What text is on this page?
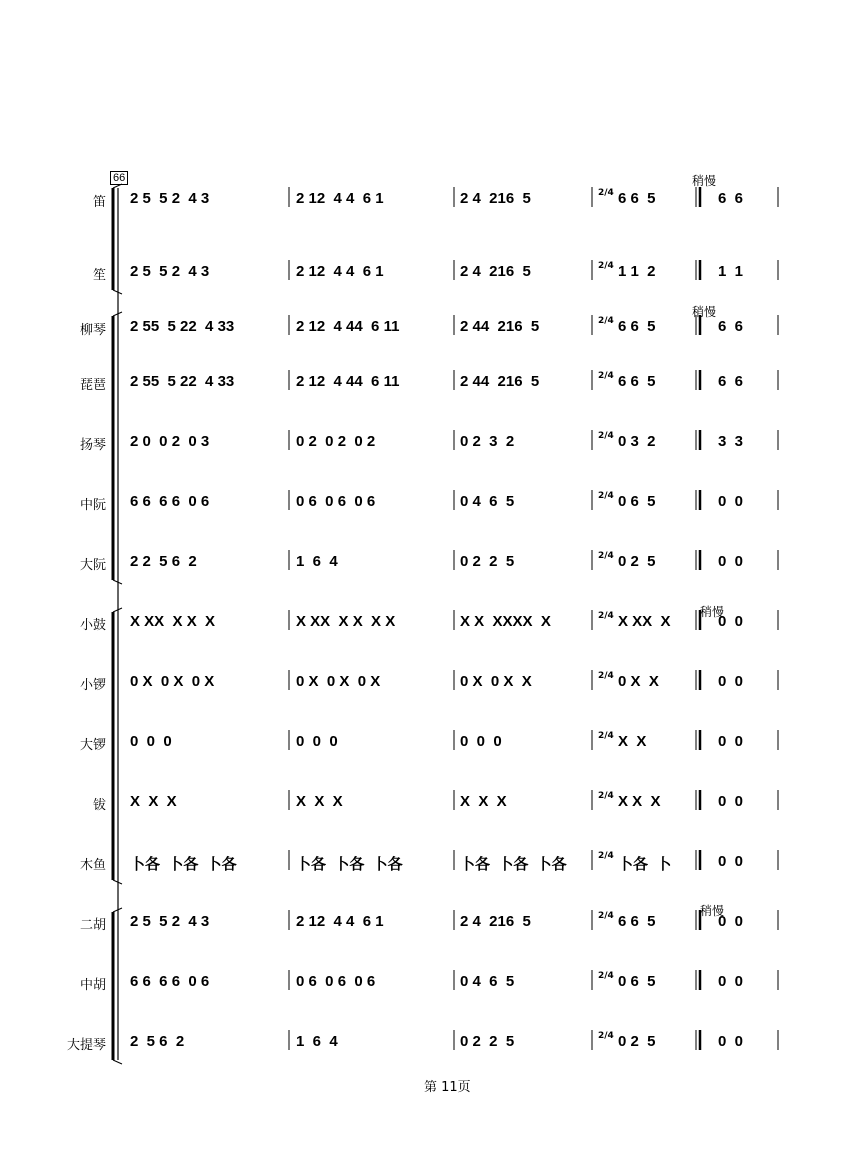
66	稍慢
稍慢
稍慢
稍慢
笛 2 5  5 2  4 3	2 12  4 4  6 1	2 4  216  5	6 6  5	6  6
2/4
笙 2 5  5 2  4 3	2 12  4 4  6 1	2 4  216  5	1 1  2	1  1
2/4
柳琴 2 55  5 22  4 33	2 12  4 44  6 11	2 44  216  5	6 6  5	6  6
2/4
琵琶 2 55  5 22  4 33	2 12  4 44  6 11	2 44  216  5	6 6  5	6  6
2/4
扬琴 2 0  0 2  0 3	0 2  0 2  0 2	0 2  3  2	0 3  2	3  3
2/4
中阮 6 6  6 6  0 6	0 6  0 6  0 6	0 4  6  5	0 6  5	0  0
2/4
大阮 2 2  5 6  2	1  6  4	0 2  2  5	0 2  5	0  0
2/4
小鼓 X XX  X X  X	X XX  X X  X X	X X  XXXX  X	X XX  X	0  0
2/4
小锣 0 X  0 X  0 X	0 X  0 X  0 X	0 X  0 X  X	0 X  X	0  0
2/4
大锣 0  0  0	0  0  0	0  0  0	X  X	0  0
2/4
钹 X  X  X	X  X  X	X  X  X	X X  X	0  0
2/4
木鱼 卜各  卜各  卜各	卜各  卜各  卜各	卜各  卜各  卜各	卜各  卜	0  0
2/4
二胡 2 5  5 2  4 3	2 12  4 4  6 1	2 4  216  5	6 6  5	0  0
2/4
中胡 6 6  6 6  0 6	0 6  0 6  0 6	0 4  6  5	0 6  5	0  0
2/4
大提琴 2  5 6  2	1  6  4	0 2  2  5	0 2  5	0  0
2/4
第 11页
